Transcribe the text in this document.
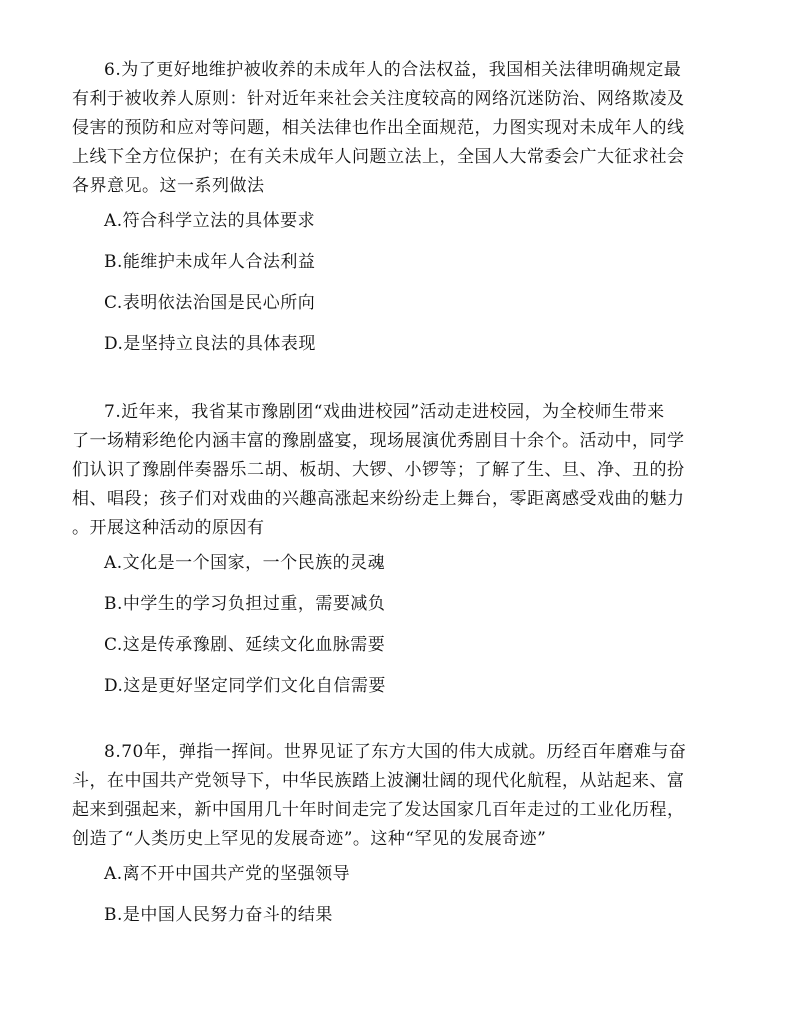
6.为了更好地维护被收养的未成年人的合法权益，我国相关法律明确规定最
有利于被收养人原则：针对近年来社会关注度较高的网络沉迷防治、网络欺凌及
侵害的预防和应对等问题，相关法律也作出全面规范，力图实现对未成年人的线
上线下全方位保护；在有关未成年人问题立法上，全国人大常委会广大征求社会
各界意见。这一系列做法

A.符合科学立法的具体要求

B.能维护未成年人合法利益

C.表明依法治国是民心所向

D.是坚持立良法的具体表现

7.近年来，我省某市豫剧团“戏曲进校园”活动走进校园，为全校师生带来
了一场精彩绝伦内涵丰富的豫剧盛宴，现场展演优秀剧目十余个。活动中，同学
们认识了豫剧伴奏器乐二胡、板胡、大锣、小锣等；了解了生、旦、净、丑的扮
相、唱段；孩子们对戏曲的兴趣高涨起来纷纷走上舞台，零距离感受戏曲的魅力
。开展这种活动的原因有

A.文化是一个国家，一个民族的灵魂

B.中学生的学习负担过重，需要减负

C.这是传承豫剧、延续文化血脉需要

D.这是更好坚定同学们文化自信需要

8.70年，弹指一挥间。世界见证了东方大国的伟大成就。历经百年磨难与奋
斗，在中国共产党领导下，中华民族踏上波澜壮阔的现代化航程，从站起来、富
起来到强起来，新中国用几十年时间走完了发达国家几百年走过的工业化历程，
创造了“人类历史上罕见的发展奇迹”。这种“罕见的发展奇迹”

A.离不开中国共产党的坚强领导

B.是中国人民努力奋斗的结果
